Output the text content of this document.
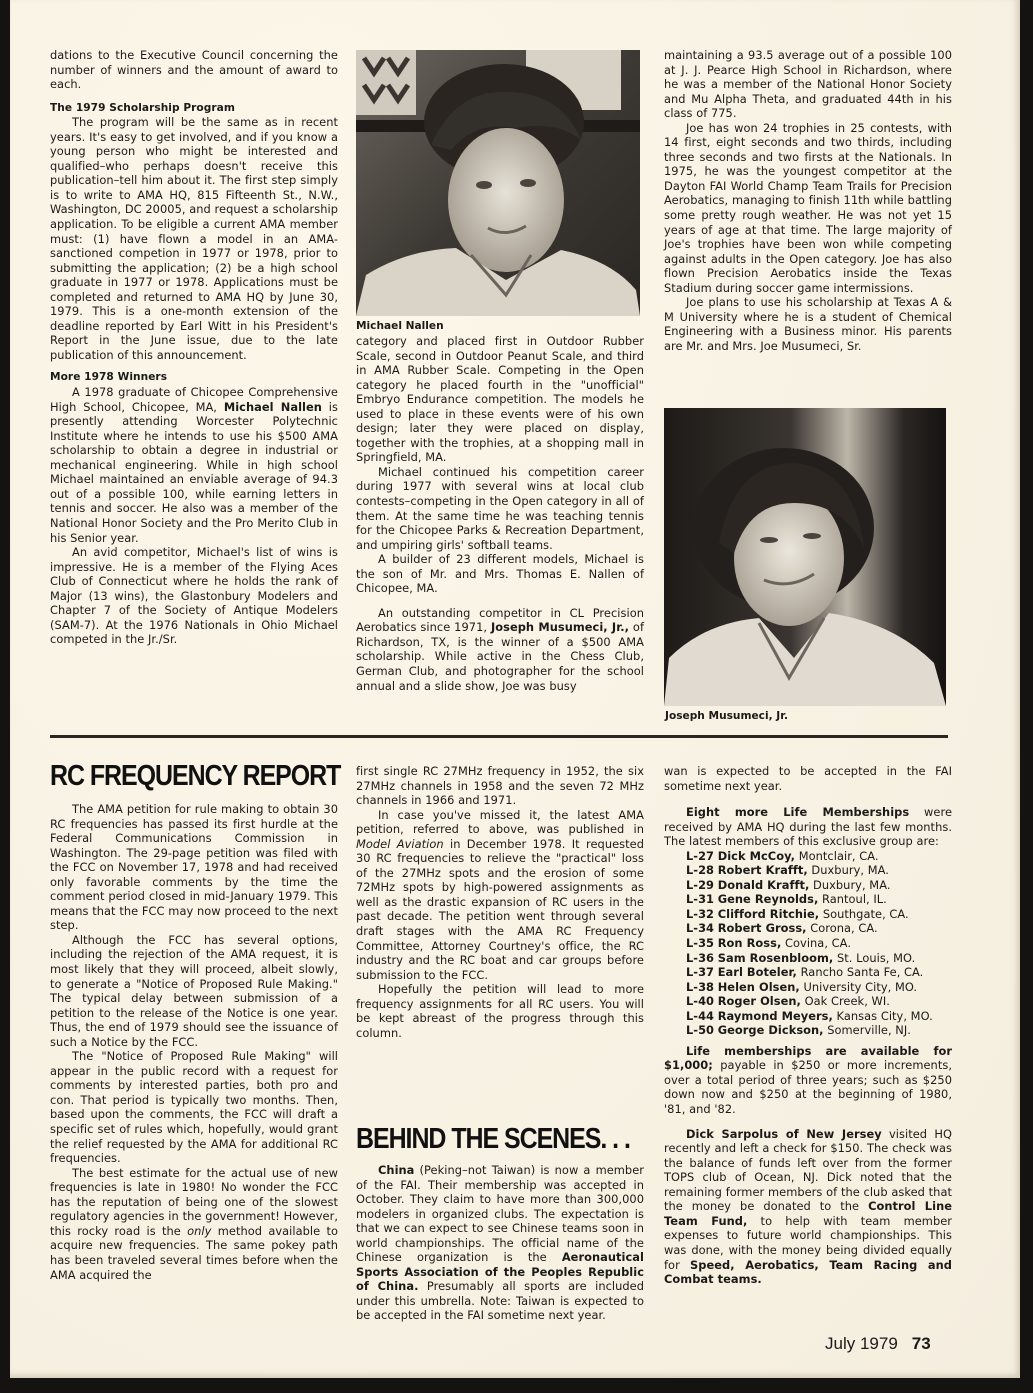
dations to the Executive Council concerning the number of winners and the amount of award to each.

The 1979 Scholarship Program

The program will be the same as in recent years. It's easy to get involved, and if you know a young person who might be interested and qualified–who perhaps doesn't receive this publication–tell him about it. The first step simply is to write to AMA HQ, 815 Fifteenth St., N.W., Washington, DC 20005, and request a scholarship application. To be eligible a current AMA member must: (1) have flown a model in an AMA-sanctioned competion in 1977 or 1978, prior to submitting the application; (2) be a high school graduate in 1977 or 1978. Applications must be completed and returned to AMA HQ by June 30, 1979. This is a one-month extension of the deadline reported by Earl Witt in his President's Report in the June issue, due to the late publication of this announcement.

More 1978 Winners

A 1978 graduate of Chicopee Comprehensive High School, Chicopee, MA, Michael Nallen is presently attending Worcester Polytechnic Institute where he intends to use his $500 AMA scholarship to obtain a degree in industrial or mechanical engineering. While in high school Michael maintained an enviable average of 94.3 out of a possible 100, while earning letters in tennis and soccer. He also was a member of the National Honor Society and the Pro Merito Club in his Senior year.

An avid competitor, Michael's list of wins is impressive. He is a member of the Flying Aces Club of Connecticut where he holds the rank of Major (13 wins), the Glastonbury Modelers and Chapter 7 of the Society of Antique Modelers (SAM-7). At the 1976 Nationals in Ohio Michael competed in the Jr./Sr.

Michael Nallen

category and placed first in Outdoor Rubber Scale, second in Outdoor Peanut Scale, and third in AMA Rubber Scale. Competing in the Open category he placed fourth in the "unofficial" Embryo Endurance competition. The models he used to place in these events were of his own design; later they were placed on display, together with the trophies, at a shopping mall in Springfield, MA.

Michael continued his competition career during 1977 with several wins at local club contests–competing in the Open category in all of them. At the same time he was teaching tennis for the Chicopee Parks & Recreation Department, and umpiring girls' softball teams.

A builder of 23 different models, Michael is the son of Mr. and Mrs. Thomas E. Nallen of Chicopee, MA.

An outstanding competitor in CL Precision Aerobatics since 1971, Joseph Musumeci, Jr., of Richardson, TX, is the winner of a $500 AMA scholarship. While active in the Chess Club, German Club, and photographer for the school annual and a slide show, Joe was busy

maintaining a 93.5 average out of a possible 100 at J. J. Pearce High School in Richardson, where he was a member of the National Honor Society and Mu Alpha Theta, and graduated 44th in his class of 775.

Joe has won 24 trophies in 25 contests, with 14 first, eight seconds and two thirds, including three seconds and two firsts at the Nationals. In 1975, he was the youngest competitor at the Dayton FAI World Champ Team Trails for Precision Aerobatics, managing to finish 11th while battling some pretty rough weather. He was not yet 15 years of age at that time. The large majority of Joe's trophies have been won while competing against adults in the Open category. Joe has also flown Precision Aerobatics inside the Texas Stadium during soccer game intermissions.

Joe plans to use his scholarship at Texas A & M University where he is a student of Chemical Engineering with a Business minor. His parents are Mr. and Mrs. Joe Musumeci, Sr.

Joseph Musumeci, Jr.
RC FREQUENCY REPORT

The AMA petition for rule making to obtain 30 RC frequencies has passed its first hurdle at the Federal Communications Commission in Washington. The 29-page petition was filed with the FCC on November 17, 1978 and had received only favorable comments by the time the comment period closed in mid-January 1979. This means that the FCC may now proceed to the next step.

Although the FCC has several options, including the rejection of the AMA request, it is most likely that they will proceed, albeit slowly, to generate a "Notice of Proposed Rule Making." The typical delay between submission of a petition to the release of the Notice is one year. Thus, the end of 1979 should see the issuance of such a Notice by the FCC.

The "Notice of Proposed Rule Making" will appear in the public record with a request for comments by interested parties, both pro and con. That period is typically two months. Then, based upon the comments, the FCC will draft a specific set of rules which, hopefully, would grant the relief requested by the AMA for additional RC frequencies.

The best estimate for the actual use of new frequencies is late in 1980! No wonder the FCC has the reputation of being one of the slowest regulatory agencies in the government! However, this rocky road is the only method available to acquire new frequencies. The same pokey path has been traveled several times before when the AMA acquired the

first single RC 27MHz frequency in 1952, the six 27MHz channels in 1958 and the seven 72 MHz channels in 1966 and 1971.

In case you've missed it, the latest AMA petition, referred to above, was published in Model Aviation in December 1978. It requested 30 RC frequencies to relieve the "practical" loss of the 27MHz spots and the erosion of some 72MHz spots by high-powered assignments as well as the drastic expansion of RC users in the past decade. The petition went through several draft stages with the AMA RC Frequency Committee, Attorney Courtney's office, the RC industry and the RC boat and car groups before submission to the FCC.

Hopefully the petition will lead to more frequency assignments for all RC users. You will be kept abreast of the progress through this column.

BEHIND THE SCENES. . .

China (Peking–not Taiwan) is now a member of the FAI. Their membership was accepted in October. They claim to have more than 300,000 modelers in organized clubs. The expectation is that we can expect to see Chinese teams soon in world championships. The official name of the Chinese organization is the Aeronautical Sports Association of the Peoples Republic of China. Presumably all sports are included under this umbrella. Note: Taiwan is expected to be accepted in the FAI sometime next year.

wan is expected to be accepted in the FAI sometime next year.

Eight more Life Memberships were received by AMA HQ during the last few months. The latest members of this exclusive group are:

L-27 Dick McCoy, Montclair, CA.
L-28 Robert Krafft, Duxbury, MA.
L-29 Donald Krafft, Duxbury, MA.
L-31 Gene Reynolds, Rantoul, IL.
L-32 Clifford Ritchie, Southgate, CA.
L-34 Robert Gross, Corona, CA.
L-35 Ron Ross, Covina, CA.
L-36 Sam Rosenbloom, St. Louis, MO.
L-37 Earl Boteler, Rancho Santa Fe, CA.
L-38 Helen Olsen, University City, MO.
L-40 Roger Olsen, Oak Creek, WI.
L-44 Raymond Meyers, Kansas City, MO.
L-50 George Dickson, Somerville, NJ.

Life memberships are available for $1,000; payable in $250 or more increments, over a total period of three years; such as $250 down now and $250 at the beginning of 1980, '81, and '82.

Dick Sarpolus of New Jersey visited HQ recently and left a check for $150. The check was the balance of funds left over from the former TOPS club of Ocean, NJ. Dick noted that the remaining former members of the club asked that the money be donated to the Control Line Team Fund, to help with team member expenses to future world championships. This was done, with the money being divided equally for Speed, Aerobatics, Team Racing and Combat teams.

July 1979 73
